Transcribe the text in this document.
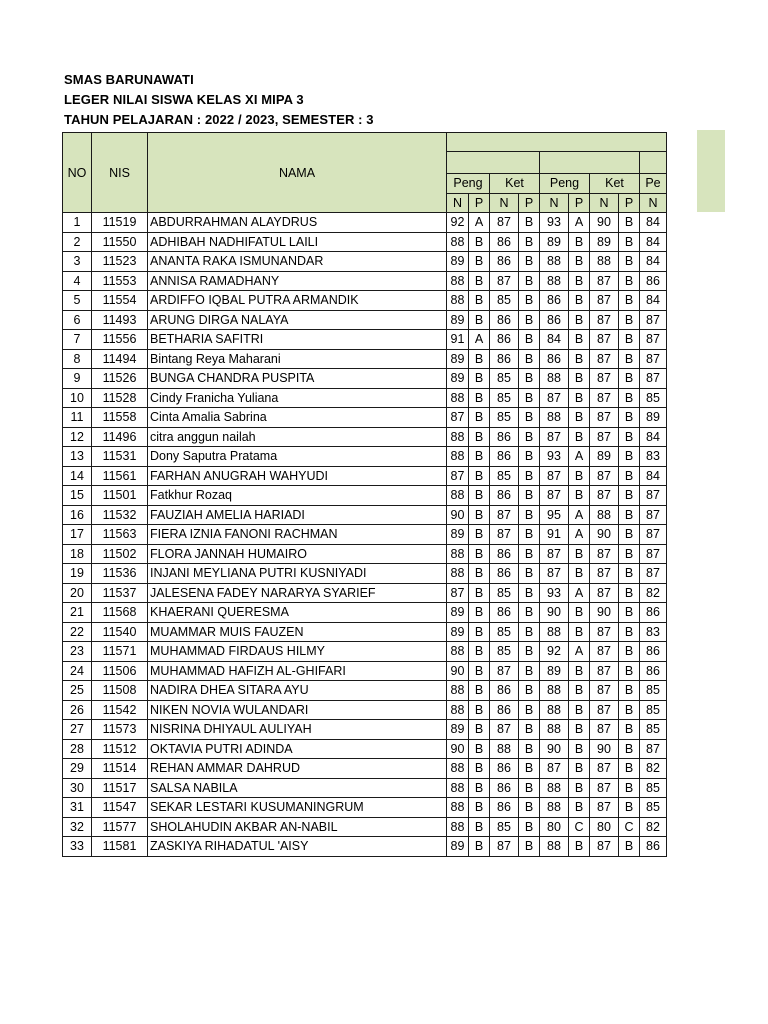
SMAS BARUNAWATI
LEGER NILAI SISWA KELAS XI MIPA 3
TAHUN PELAJARAN : 2022 / 2023, SEMESTER : 3
NO	NIS	NAMA									

			Peng		Ket		Peng		Ket		Pe
			N	P	N	P	N	P	N	P	N
1	11519	ABDURRAHMAN ALAYDRUS	92	A	87	B	93	A	90	B	84
2	11550	ADHIBAH NADHIFATUL LAILI	88	B	86	B	89	B	89	B	84
3	11523	ANANTA RAKA ISMUNANDAR	89	B	86	B	88	B	88	B	84
4	11553	ANNISA RAMADHANY	88	B	87	B	88	B	87	B	86
5	11554	ARDIFFO IQBAL PUTRA ARMANDIK	88	B	85	B	86	B	87	B	84
6	11493	ARUNG DIRGA NALAYA	89	B	86	B	86	B	87	B	87
7	11556	BETHARIA SAFITRI	91	A	86	B	84	B	87	B	87
8	11494	Bintang Reya Maharani	89	B	86	B	86	B	87	B	87
9	11526	BUNGA CHANDRA PUSPITA	89	B	85	B	88	B	87	B	87
10	11528	Cindy Franicha Yuliana	88	B	85	B	87	B	87	B	85
11	11558	Cinta Amalia Sabrina	87	B	85	B	88	B	87	B	89
12	11496	citra anggun nailah	88	B	86	B	87	B	87	B	84
13	11531	Dony Saputra Pratama	88	B	86	B	93	A	89	B	83
14	11561	FARHAN ANUGRAH WAHYUDI	87	B	85	B	87	B	87	B	84
15	11501	Fatkhur Rozaq	88	B	86	B	87	B	87	B	87
16	11532	FAUZIAH AMELIA HARIADI	90	B	87	B	95	A	88	B	87
17	11563	FIERA IZNIA FANONI RACHMAN	89	B	87	B	91	A	90	B	87
18	11502	FLORA JANNAH HUMAIRO	88	B	86	B	87	B	87	B	87
19	11536	INJANI MEYLIANA PUTRI KUSNIYADI	88	B	86	B	87	B	87	B	87
20	11537	JALESENA FADEY NARARYA SYARIEF	87	B	85	B	93	A	87	B	82
21	11568	KHAERANI QUERESMA	89	B	86	B	90	B	90	B	86
22	11540	MUAMMAR MUIS FAUZEN	89	B	85	B	88	B	87	B	83
23	11571	MUHAMMAD FIRDAUS HILMY	88	B	85	B	92	A	87	B	86
24	11506	MUHAMMAD HAFIZH AL-GHIFARI	90	B	87	B	89	B	87	B	86
25	11508	NADIRA DHEA SITARA AYU	88	B	86	B	88	B	87	B	85
26	11542	NIKEN NOVIA WULANDARI	88	B	86	B	88	B	87	B	85
27	11573	NISRINA DHIYAUL AULIYAH	89	B	87	B	88	B	87	B	85
28	11512	OKTAVIA PUTRI ADINDA	90	B	88	B	90	B	90	B	87
29	11514	REHAN AMMAR DAHRUD	88	B	86	B	87	B	87	B	82
30	11517	SALSA NABILA	88	B	86	B	88	B	87	B	85
31	11547	SEKAR LESTARI KUSUMANINGRUM	88	B	86	B	88	B	87	B	85
32	11577	SHOLAHUDIN AKBAR AN-NABIL	88	B	85	B	80	C	80	C	82
33	11581	ZASKIYA RIHADATUL 'AISY	89	B	87	B	88	B	87	B	86
